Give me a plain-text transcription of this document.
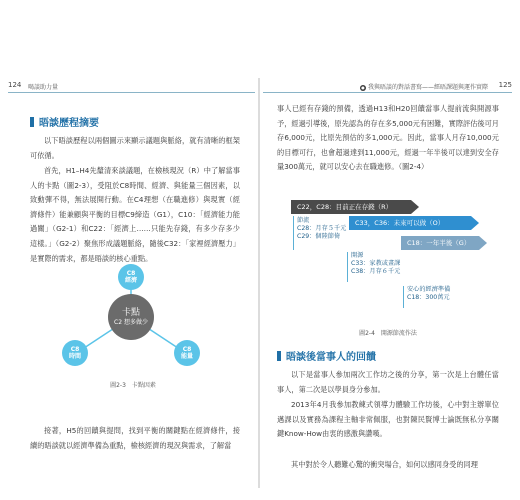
124 喝談助力量
晤談歷程摘要

以下晤談歷程以兩個圖示來顯示議題與脈絡，就有清晰的框架可依循。

首先，H1–H4先釐清來談議題，在檢核現況（R）中了解當事人的卡點（圖2-3），受阻於C8時間、經濟、與能量三個因素，以致動彈不得，無法展開行動。在C4理想（在職進修）與現實（經濟條件）能兼顧與平衡的目標C9締造（G1），C10：「經濟能力能過關」（G2-1）和C22：「經濟上……只能先存錢，有多少存多少這樣。」（G2-2）聚焦形成議題脈絡，隨後C32：「家裡經濟壓力」是實際的需求，都是晤談的核心重點。

C8
經濟
卡點
C2 想多做少
C8
時間
C8
能量
圖2-3　卡點因素

接著，H5的回饋與提問，找到平衡的關鍵點在經濟條件，接續的晤談就以經濟準備為重點，檢核經濟的現況與需求，了解當

● 我與晤談的對話書寫——經晤課題與運作實際 125

事人已經有存錢的預備，透過H13和H20回饋當事人提前流與開源事予，經過引導後，原先認為的存在多5,000元有困難，實際評估後可月存6,000元，比原先預估的多1,000元。因此，當事人月存10,000元的目標可行，也會超過達到11,000元，經過一年半後可以達到安全存量300萬元，就可以安心去在職進修。（圖2-4）

C22，C28：目前正在存錢（R）
節流
C28：月存５千元
C29：個陸節倚
C33，C36：未來可以做（O）
開源
C33：家教或畫課
C38：月存６千元
C18：一年半後（G）
安心的經濟準備
C18：300萬元
圖2-4　開源節流作法
晤談後當事人的回饋

以下是當事人參加兩次工作坊之後的分享，第一次是上台體任當事人，第二次是以學員身分參加。

2013年4月我參加教練式領導力體驗工作坊後，心中對主辦單位邁課以及實務為課程主軸非常佩服，也對陳民賢博士論既無私分享關鍵Know-How由衷的感激與讚嘆。

其中對於令人聽難心驚的衝突場合，如何以感同身受的同理
